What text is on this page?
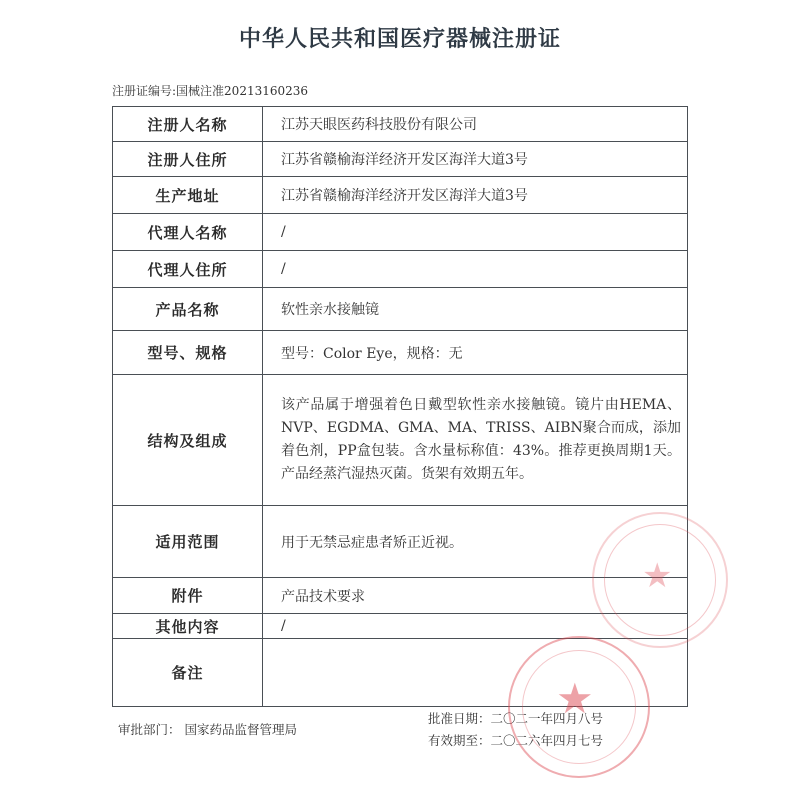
中华人民共和国医疗器械注册证
注册证编号:国械注准20213160236
注册人名称	江苏天眼医药科技股份有限公司
注册人住所	江苏省赣榆海洋经济开发区海洋大道3号
生产地址	江苏省赣榆海洋经济开发区海洋大道3号
代理人名称	/
代理人住所	/
产品名称	软性亲水接触镜
型号、规格	型号：Color Eye，规格：无
结构及组成	该产品属于增强着色日戴型软性亲水接触镜。镜片由HEMA、NVP、EGDMA、GMA、MA、TRISS、AIBN聚合而成，添加着色剂，PP盒包装。含水量标称值：43%。推荐更换周期1天。产品经蒸汽湿热灭菌。货架有效期五年。
适用范围	用于无禁忌症患者矫正近视。
附件	产品技术要求
其他内容	/
备注	
审批部门： 国家药品监督管理局
批准日期：二〇二一年四月八号
有效期至：二〇二六年四月七号
★
★
